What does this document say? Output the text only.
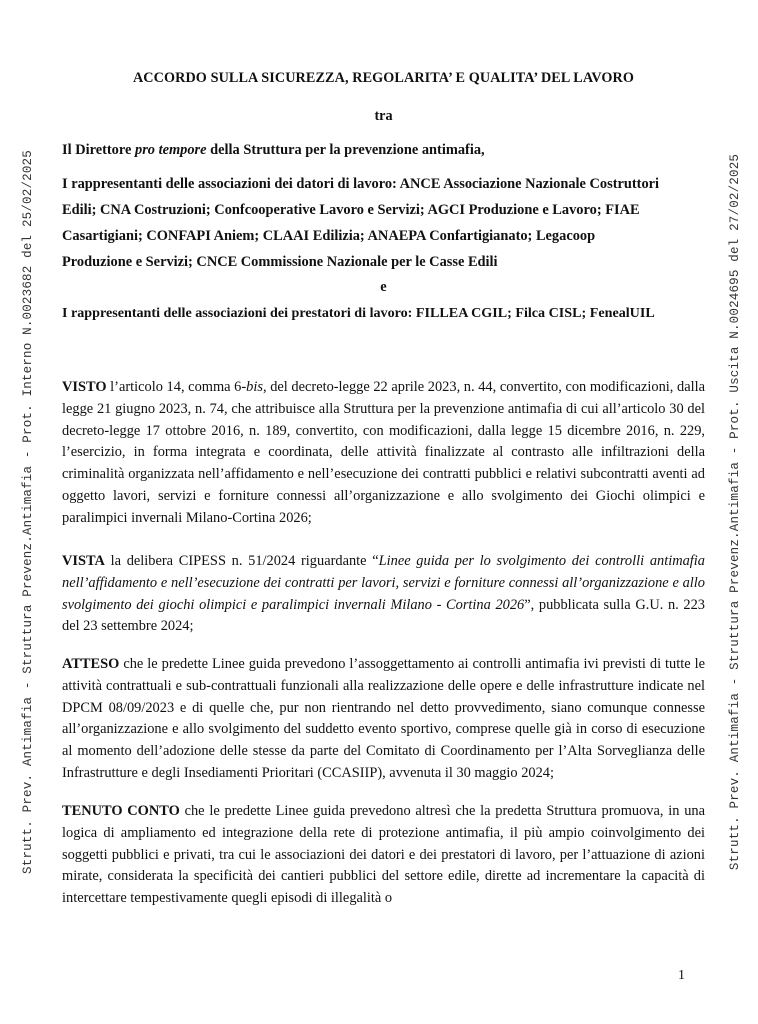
Strutt. Prev. Antimafia - Struttura Prevenz.Antimafia - Prot. Interno N.0023682 del 25/02/2025	Strutt. Prev. Antimafia - Struttura Prevenz.Antimafia - Prot. Uscita N.0024695 del 27/02/2025
ACCORDO SULLA SICUREZZA, REGOLARITA’ E QUALITA’ DEL LAVORO
tra
Il Direttore pro tempore della Struttura per la prevenzione antimafia,
I rappresentanti delle associazioni dei datori di lavoro: ANCE Associazione Nazionale Costruttori
Edili; CNA Costruzioni; Confcooperative Lavoro e Servizi; AGCI Produzione e Lavoro; FIAE
Casartigiani; CONFAPI Aniem; CLAAI Edilizia; ANAEPA Confartigianato; Legacoop
Produzione e Servizi; CNCE Commissione Nazionale per le Casse Edili
e
I rappresentanti delle associazioni dei prestatori di lavoro: FILLEA CGIL; Filca CISL; FenealUIL
VISTO l’articolo 14, comma 6-bis, del decreto-legge 22 aprile 2023, n. 44, convertito, con modificazioni, dalla legge 21 giugno 2023, n. 74, che attribuisce alla Struttura per la prevenzione antimafia di cui all’articolo 30 del decreto-legge 17 ottobre 2016, n. 189, convertito, con modificazioni, dalla legge 15 dicembre 2016, n. 229, l’esercizio, in forma integrata e coordinata, delle attività finalizzate al contrasto alle infiltrazioni della criminalità organizzata nell’affidamento e nell’esecuzione dei contratti pubblici e relativi subcontratti aventi ad oggetto lavori, servizi e forniture connessi all’organizzazione e allo svolgimento dei Giochi olimpici e paralimpici invernali Milano-Cortina 2026;
VISTA la delibera CIPESS n. 51/2024 riguardante “Linee guida per lo svolgimento dei controlli antimafia nell’affidamento e nell’esecuzione dei contratti per lavori, servizi e forniture connessi all’organizzazione e allo svolgimento dei giochi olimpici e paralimpici invernali Milano - Cortina 2026”, pubblicata sulla G.U. n. 223 del 23 settembre 2024;
ATTESO che le predette Linee guida prevedono l’assoggettamento ai controlli antimafia ivi previsti di tutte le attività contrattuali e sub-contrattuali funzionali alla realizzazione delle opere e delle infrastrutture indicate nel DPCM 08/09/2023 e di quelle che, pur non rientrando nel detto provvedimento, siano comunque connesse all’organizzazione e allo svolgimento del suddetto evento sportivo, comprese quelle già in corso di esecuzione al momento dell’adozione delle stesse da parte del Comitato di Coordinamento per l’Alta Sorveglianza delle Infrastrutture e degli Insediamenti Prioritari (CCASIIP), avvenuta il 30 maggio 2024;
TENUTO CONTO che le predette Linee guida prevedono altresì che la predetta Struttura promuova, in una logica di ampliamento ed integrazione della rete di protezione antimafia, il più ampio coinvolgimento dei soggetti pubblici e privati, tra cui le associazioni dei datori e dei prestatori di lavoro, per l’attuazione di azioni mirate, considerata la specificità dei cantieri pubblici del settore edile, dirette ad incrementare la capacità di intercettare tempestivamente quegli episodi di illegalità o
1
